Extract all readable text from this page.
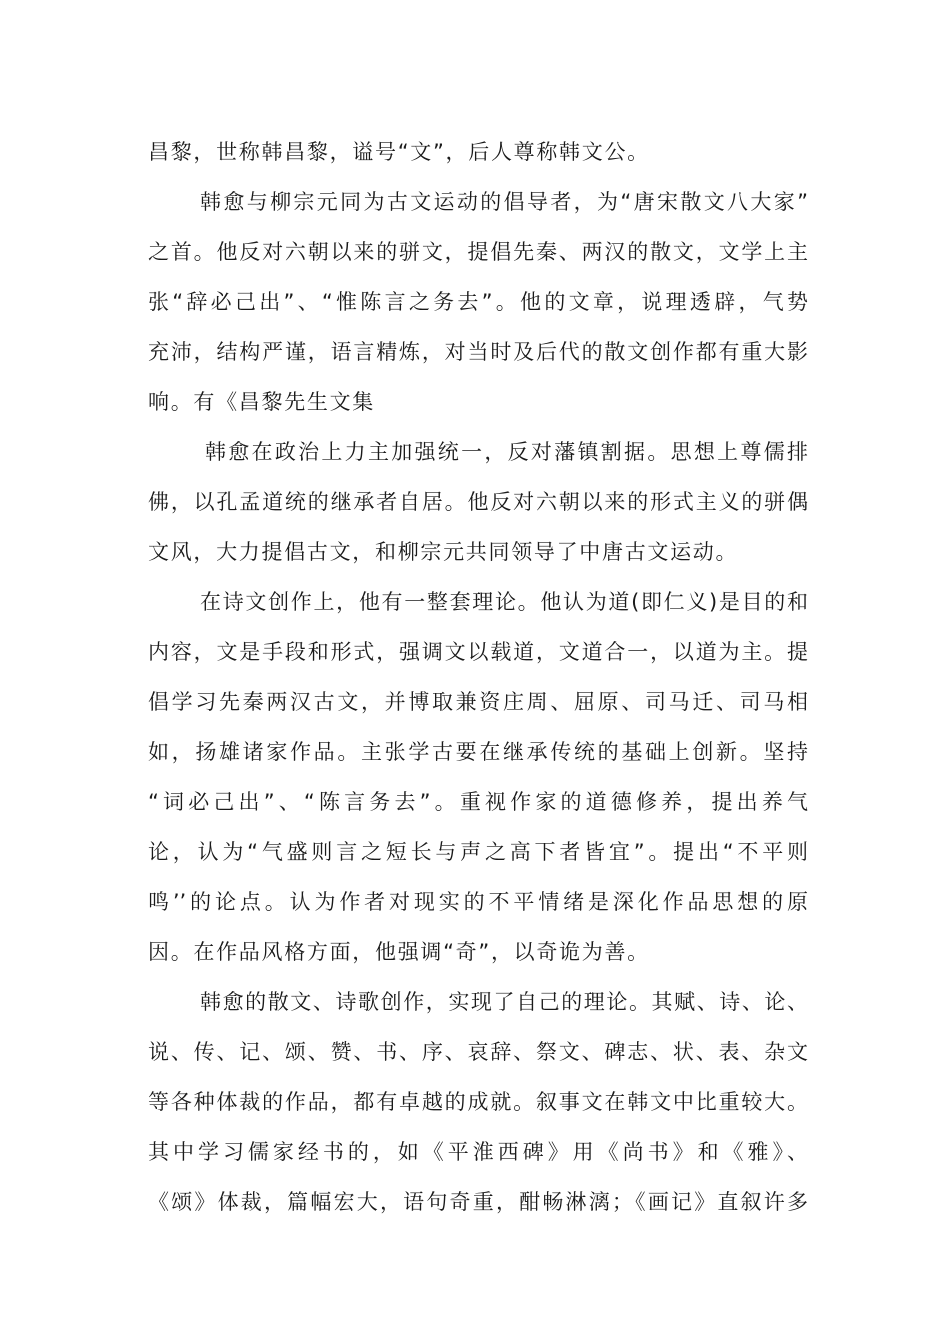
昌黎，世称韩昌黎，谥号“文”，后人尊称韩文公。
韩愈与柳宗元同为古文运动的倡导者，为“唐宋散文八大家”
之首。他反对六朝以来的骈文，提倡先秦、两汉的散文，文学上主
张“辞必己出”、“惟陈言之务去”。他的文章，说理透辟，气势
充沛，结构严谨，语言精炼，对当时及后代的散文创作都有重大影
响。有《昌黎先生文集
韩愈在政治上力主加强统一，反对藩镇割据。思想上尊儒排
佛，以孔孟道统的继承者自居。他反对六朝以来的形式主义的骈偶
文风，大力提倡古文，和柳宗元共同领导了中唐古文运动。
在诗文创作上，他有一整套理论。他认为道(即仁义)是目的和
内容，文是手段和形式，强调文以载道，文道合一，以道为主。提
倡学习先秦两汉古文，并博取兼资庄周、屈原、司马迁、司马相
如，扬雄诸家作品。主张学古要在继承传统的基础上创新。坚持
“词必己出”、“陈言务去”。重视作家的道德修养，提出养气
论，认为“气盛则言之短长与声之高下者皆宜”。提出“不平则
鸣’’的论点。认为作者对现实的不平情绪是深化作品思想的原
因。在作品风格方面，他强调“奇”，以奇诡为善。
韩愈的散文、诗歌创作，实现了自己的理论。其赋、诗、论、
说、传、记、颂、赞、书、序、哀辞、祭文、碑志、状、表、杂文
等各种体裁的作品，都有卓越的成就。叙事文在韩文中比重较大。
其中学习儒家经书的，如《平淮西碑》用《尚书》和《雅》、
《颂》体裁，篇幅宏大，语句奇重，酣畅淋漓；《画记》直叙许多
